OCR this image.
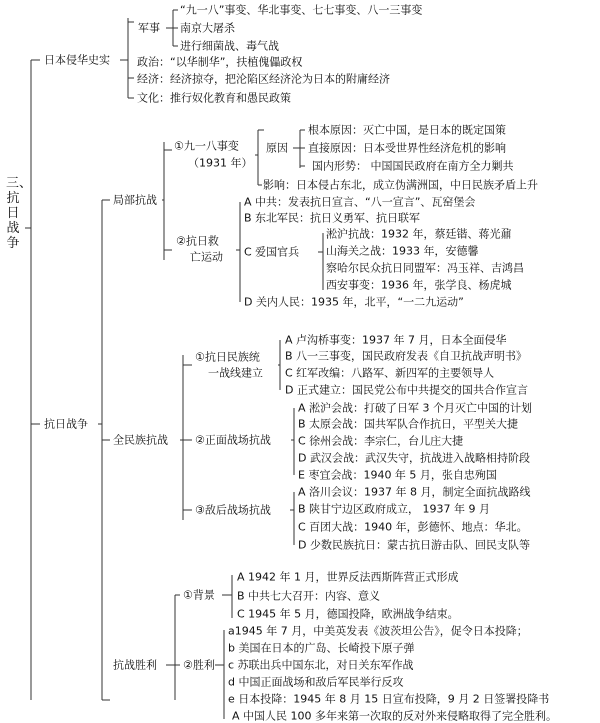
三、抗日战争
日本侵华史实
军事
“九一八”事变、华北事变、七七事变、八一三事变
南京大屠杀
进行细菌战、毒气战
政治：“以华制华”，扶植傀儡政权
经济：经济掠夺，把沦陷区经济沦为日本的附庸经济
文化：推行奴化教育和愚民政策
抗日战争
局部抗战
①九一八事变
（1931 年）
原因
根本原因：灭亡中国，是日本的既定国策
直接原因：日本受世界性经济危机的影响
国内形势： 中国国民政府在南方全力剿共
影响：日本侵占东北，成立伪满洲国，中日民族矛盾上升
②抗日救
亡运动
A 中共：发表抗日宣言、“八一宣言”、瓦窑堡会
B 东北军民：抗日义勇军、抗日联军
C 爱国官兵
淞沪抗战：1932 年，蔡廷锴、蒋光鼐
山海关之战：1933 年，安德馨
察哈尔民众抗日同盟军：冯玉祥、吉鸿昌
西安事变：1936 年，张学良、杨虎城
D 关内人民：1935 年，北平，“一二九运动”
全民族抗战
①抗日民族统
一战线建立
A 卢沟桥事变：1937 年 7 月，日本全面侵华
B 八一三事变，国民政府发表《自卫抗战声明书》
C 红军改编：八路军、新四军的主要领导人
D 正式建立：国民党公布中共提交的国共合作宣言
②正面战场抗战
A 淞沪会战：打破了日军 3 个月灭亡中国的计划
B 太原会战：国共军队合作抗日，平型关大捷
C 徐州会战：李宗仁，台儿庄大捷
D 武汉会战：武汉失守，抗战进入战略相持阶段
E 枣宜会战：1940 年 5 月，张自忠殉国
③敌后战场抗战
A 洛川会议：1937 年 8 月，制定全面抗战路线
B 陕甘宁边区政府成立， 1937 年 9 月
C 百团大战：1940 年，彭德怀、地点：华北。
D 少数民族抗日：蒙古抗日游击队、回民支队等
抗战胜利
①背景
A 1942 年 1 月，世界反法西斯阵营正式形成
B 中共七大召开：内容、意义
C 1945 年 5 月，德国投降，欧洲战争结束。
②胜利
a1945 年 7 月，中美英发表《波茨坦公告》，促令日本投降；
b 美国在日本的广岛、长崎投下原子弹
c 苏联出兵中国东北，对日关东军作战
d 中国正面战场和敌后军民举行反攻
e 日本投降：1945 年 8 月 15 日宣布投降，9 月 2 日签署投降书
A 中国人民 100 多年来第一次取的反对外来侵略取得了完全胜利。
